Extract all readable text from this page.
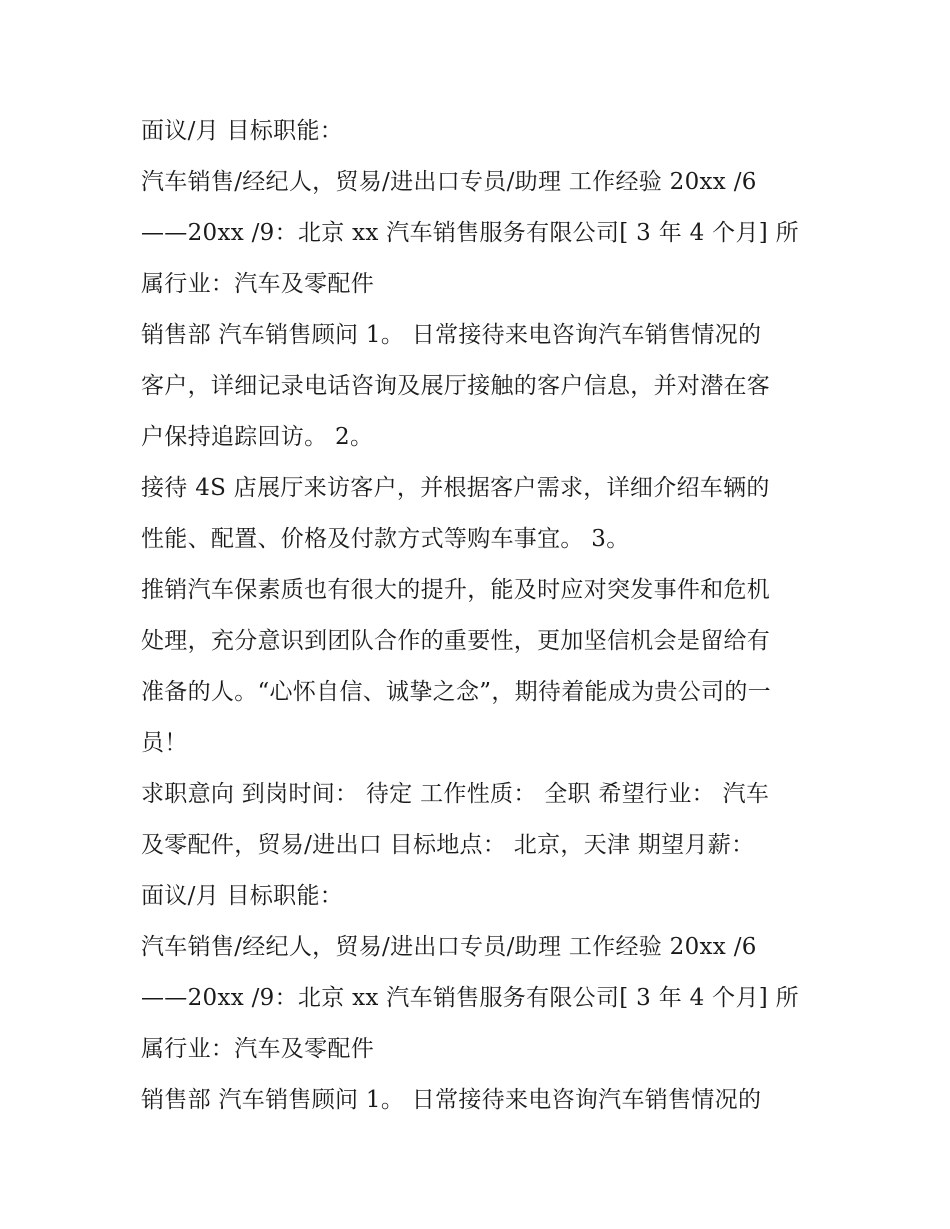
面议/月 目标职能：
汽车销售/经纪人，贸易/进出口专员/助理 工作经验 20xx /6
——20xx /9：北京 xx 汽车销售服务有限公司[ 3 年 4 个月] 所
属行业：汽车及零配件
销售部 汽车销售顾问 1。 日常接待来电咨询汽车销售情况的
客户，详细记录电话咨询及展厅接触的客户信息，并对潜在客
户保持追踪回访。 2。
接待 4S 店展厅来访客户，并根据客户需求，详细介绍车辆的
性能、配置、价格及付款方式等购车事宜。 3。
推销汽车保素质也有很大的提升，能及时应对突发事件和危机
处理，充分意识到团队合作的重要性，更加坚信机会是留给有
准备的人。“心怀自信、诚挚之念”，期待着能成为贵公司的一
员！
求职意向 到岗时间： 待定 工作性质： 全职 希望行业： 汽车
及零配件，贸易/进出口 目标地点： 北京，天津 期望月薪：
面议/月 目标职能：
汽车销售/经纪人，贸易/进出口专员/助理 工作经验 20xx /6
——20xx /9：北京 xx 汽车销售服务有限公司[ 3 年 4 个月] 所
属行业：汽车及零配件
销售部 汽车销售顾问 1。 日常接待来电咨询汽车销售情况的
